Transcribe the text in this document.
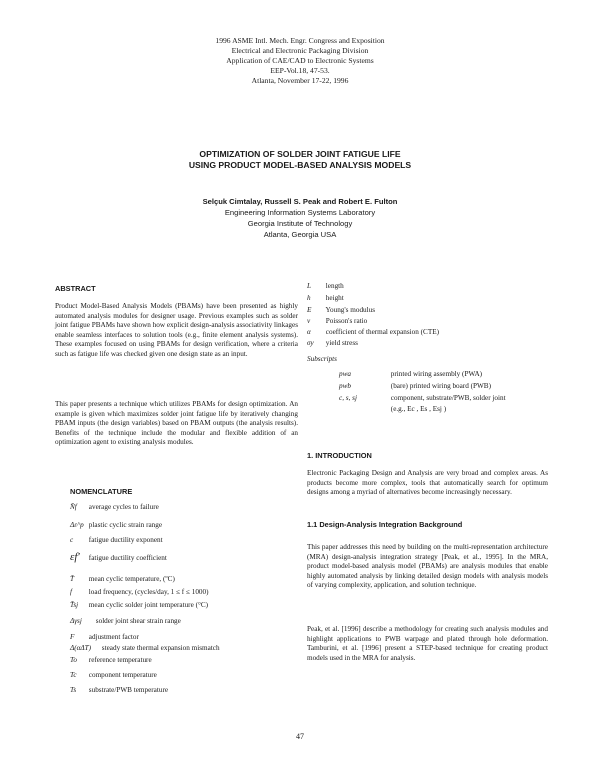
1996 ASME Intl. Mech. Engr. Congress and Exposition
Electrical and Electronic Packaging Division
Application of CAE/CAD to Electronic Systems
EEP-Vol.18, 47-53.
Atlanta, November 17-22, 1996
OPTIMIZATION OF SOLDER JOINT FATIGUE LIFE
USING PRODUCT MODEL-BASED ANALYSIS MODELS
Selçuk Cimtalay, Russell S. Peak and Robert E. Fulton
Engineering Information Systems Laboratory
Georgia Institute of Technology
Atlanta, Georgia USA
ABSTRACT
Product Model-Based Analysis Models (PBAMs) have been presented as highly automated analysis modules for designer usage. Previous examples such as solder joint fatigue PBAMs have shown how explicit design-analysis associativity linkages enable seamless interfaces to solution tools (e.g., finite element analysis systems). These examples focused on using PBAMs for design verification, where a criteria such as fatigue life was checked given one design state as an input.
This paper presents a technique which utilizes PBAMs for design optimization. An example is given which maximizes solder joint fatigue life by iteratively changing PBAM inputs (the design variables) based on PBAM outputs (the analysis results). Benefits of the technique include the modular and flexible addition of an optimization agent to existing analysis modules.
NOMENCLATURE
N̄f average cycles to failure
Δε^p plastic cyclic strain range
c fatigue ductility exponent
εf′ fatigue ductility coefficient
T̄ mean cyclic temperature, (ºC)
f load frequency, (cycles/day, 1 ≤ f ≤ 1000)
T̄sj mean cyclic solder joint temperature (°C)
Δγsj solder joint shear strain range
F adjustment factor
Δ(αΔT) steady state thermal expansion mismatch
To reference temperature
Tc component temperature
Ts substrate/PWB temperature
L length
h height
E Young's modulus
ν Poisson's ratio
α coefficient of thermal expansion (CTE)
σy yield stress
Subscripts
pwa	printed wiring assembly (PWA)
pwb	(bare) printed wiring board (PWB)
c, s, sj	component, substrate/PWB, solder joint
(e.g., Ec , Es , Esj )
1. INTRODUCTION
Electronic Packaging Design and Analysis are very broad and complex areas. As products become more complex, tools that automatically search for optimum designs among a myriad of alternatives become increasingly necessary.
1.1 Design-Analysis Integration Background
This paper addresses this need by building on the multi-representation architecture (MRA) design-analysis integration strategy [Peak, et al., 1995]. In the MRA, product model-based analysis model (PBAMs) are analysis modules that enable highly automated analysis by linking detailed design models with analysis models of varying complexity, application, and solution technique.
Peak, et al. [1996] describe a methodology for creating such analysis modules and highlight applications to PWB warpage and plated through hole deformation. Tamburini, et al. [1996] present a STEP-based technique for creating product models used in the MRA for analysis.
47
